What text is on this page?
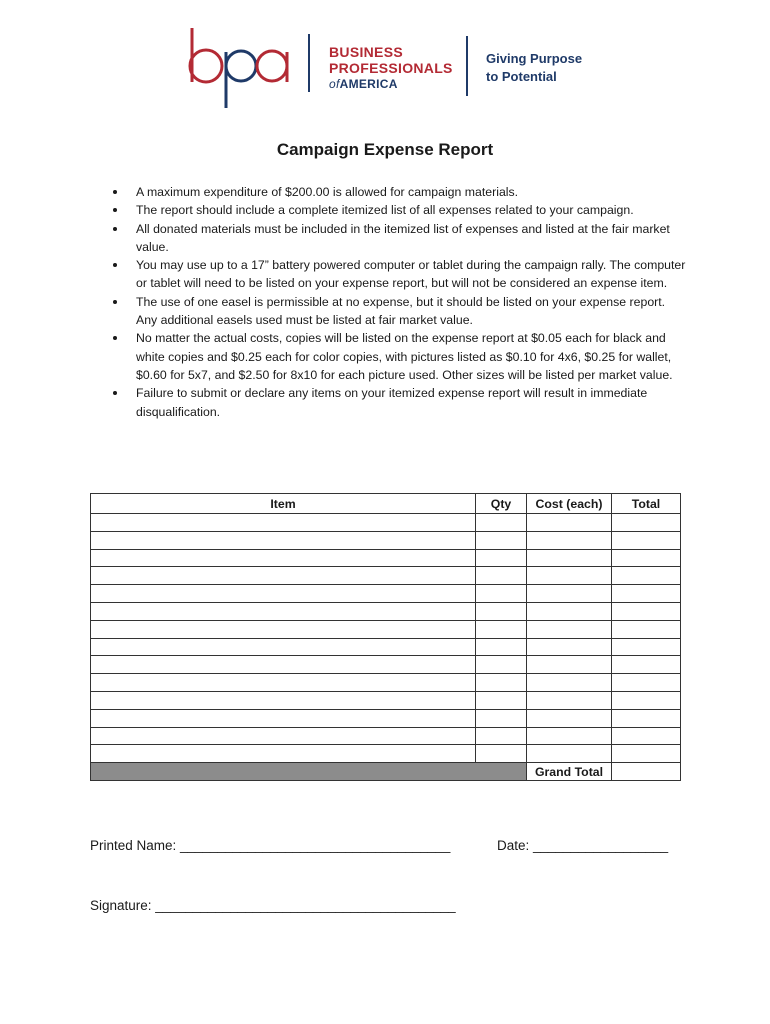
BUSINESS
PROFESSIONALS
ofAMERICA
Giving Purpose
to Potential
Campaign Expense Report
A maximum expenditure of $200.00 is allowed for campaign materials.
The report should include a complete itemized list of all expenses related to your campaign.
All donated materials must be included in the itemized list of expenses and listed at the fair market value.
You may use up to a 17” battery powered computer or tablet during the campaign rally. The computer or tablet will need to be listed on your expense report, but will not be considered an expense item.
The use of one easel is permissible at no expense, but it should be listed on your expense report. Any additional easels used must be listed at fair market value.
No matter the actual costs, copies will be listed on the expense report at $0.05 each for black and white copies and $0.25 each for color copies, with pictures listed as $0.10 for 4x6, $0.25 for wallet, $0.60 for 5x7, and $2.50 for 8x10 for each picture used. Other sizes will be listed per market value.
Failure to submit or declare any items on your itemized expense report will result in immediate disqualification.
Item	Qty	Cost (each)	Total

		Grand Total	
Printed Name: ____________________________________	Date: __________________
Signature: ________________________________________
